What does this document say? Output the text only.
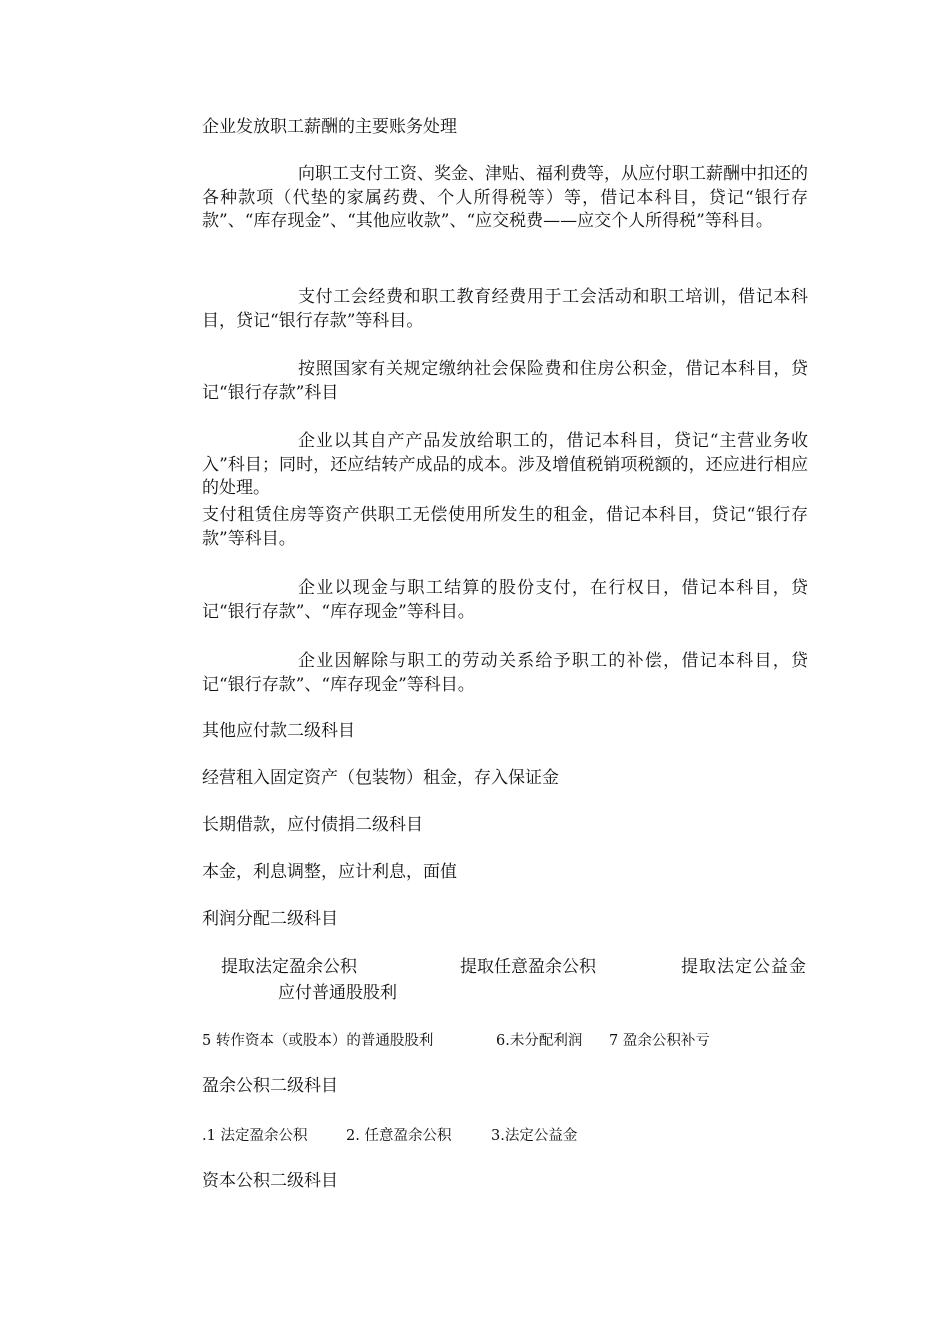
企业发放职工薪酬的主要账务处理

向职工支付工资、奖金、津贴、福利费等，从应付职工薪酬中扣还的各种款项（代垫的家属药费、个人所得税等）等，借记本科目，贷记“银行存款”、“库存现金”、“其他应收款”、“应交税费——应交个人所得税”等科目。

支付工会经费和职工教育经费用于工会活动和职工培训，借记本科目，贷记“银行存款”等科目。

按照国家有关规定缴纳社会保险费和住房公积金，借记本科目，贷记“银行存款”科目

企业以其自产产品发放给职工的，借记本科目，贷记“主营业务收入”科目；同时，还应结转产成品的成本。涉及增值税销项税额的，还应进行相应的处理。

支付租赁住房等资产供职工无偿使用所发生的租金，借记本科目，贷记“银行存款”等科目。

企业以现金与职工结算的股份支付，在行权日，借记本科目，贷记“银行存款”、“库存现金”等科目。

企业因解除与职工的劳动关系给予职工的补偿，借记本科目，贷记“银行存款”、“库存现金”等科目。

其他应付款二级科目

经营租入固定资产（包装物）租金，存入保证金

长期借款，应付债捐二级科目

本金，利息调整，应计利息，面值

利润分配二级科目

提取法定盈余公积	提取任意盈余公积	提取法定公益金
应付普通股股利
5 转作资本（或股本）的普通股股利	6.未分配利润 7 盈余公积补亏

盈余公积二级科目

.1 法定盈余公积	2. 任意盈余公积	3.法定公益金

资本公积二级科目
